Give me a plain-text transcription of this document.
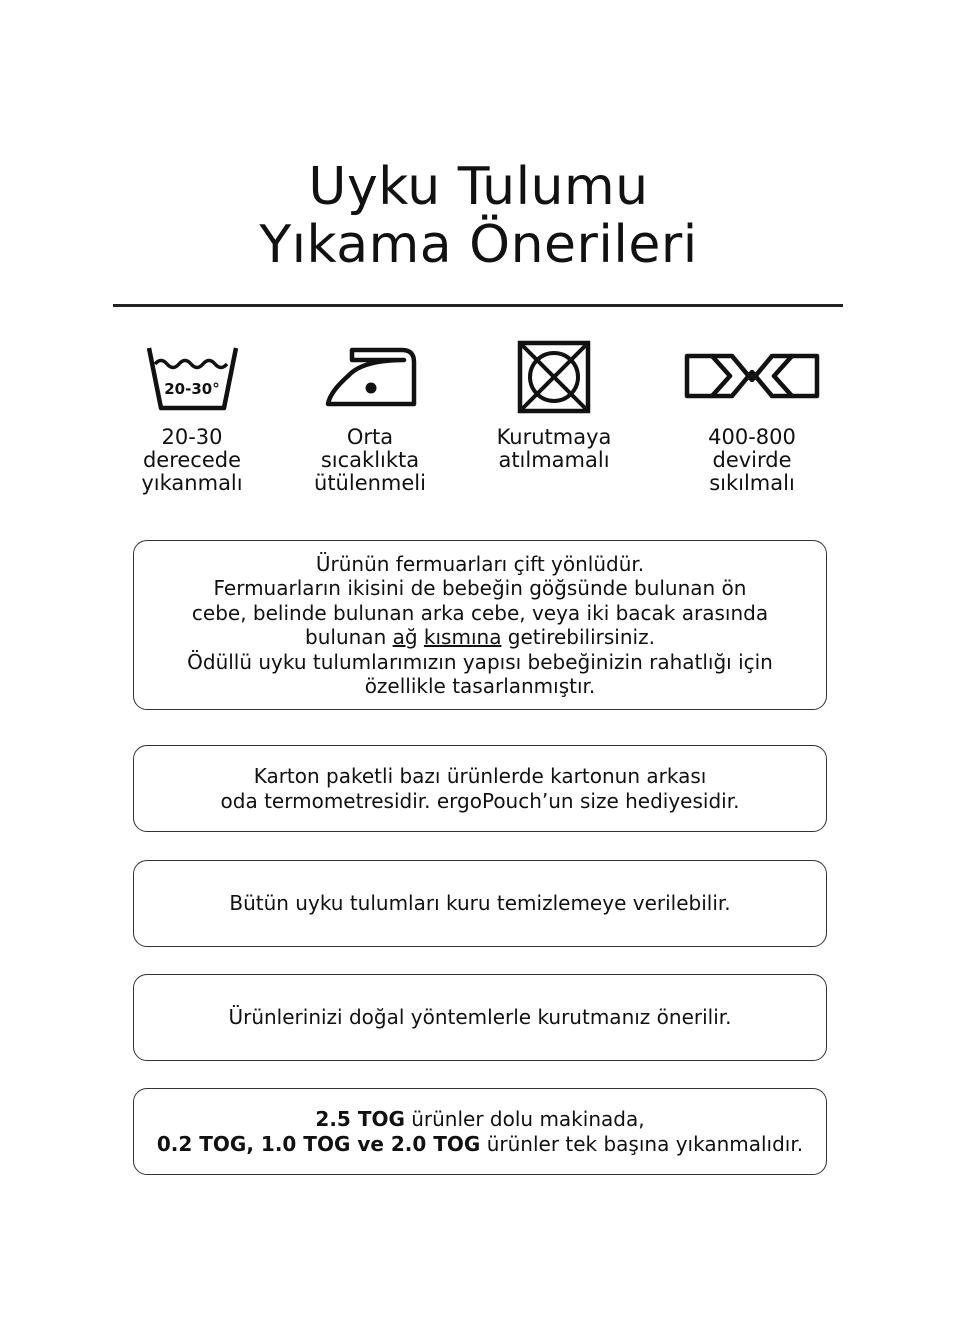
Uyku Tulumu
Yıkama Önerileri
20-30°
20-30
derecede
yıkanmalı
Orta
sıcaklıkta
ütülenmeli
Kurutmaya
atılmamalı
400-800
devirde
sıkılmalı

Ürünün fermuarları çift yönlüdür.
Fermuarların ikisini de bebeğin göğsünde bulunan ön
cebe, belinde bulunan arka cebe, veya iki bacak arasında
bulunan ağ kısmına getirebilirsiniz.
Ödüllü uyku tulumlarımızın yapısı bebeğinizin rahatlığı için
özellikle tasarlanmıştır.

Karton paketli bazı ürünlerde kartonun arkası
oda termometresidir. ergoPouch’un size hediyesidir.

Bütün uyku tulumları kuru temizlemeye verilebilir.

Ürünlerinizi doğal yöntemlerle kurutmanız önerilir.

2.5 TOG ürünler dolu makinada,
0.2 TOG, 1.0 TOG ve 2.0 TOG ürünler tek başına yıkanmalıdır.
